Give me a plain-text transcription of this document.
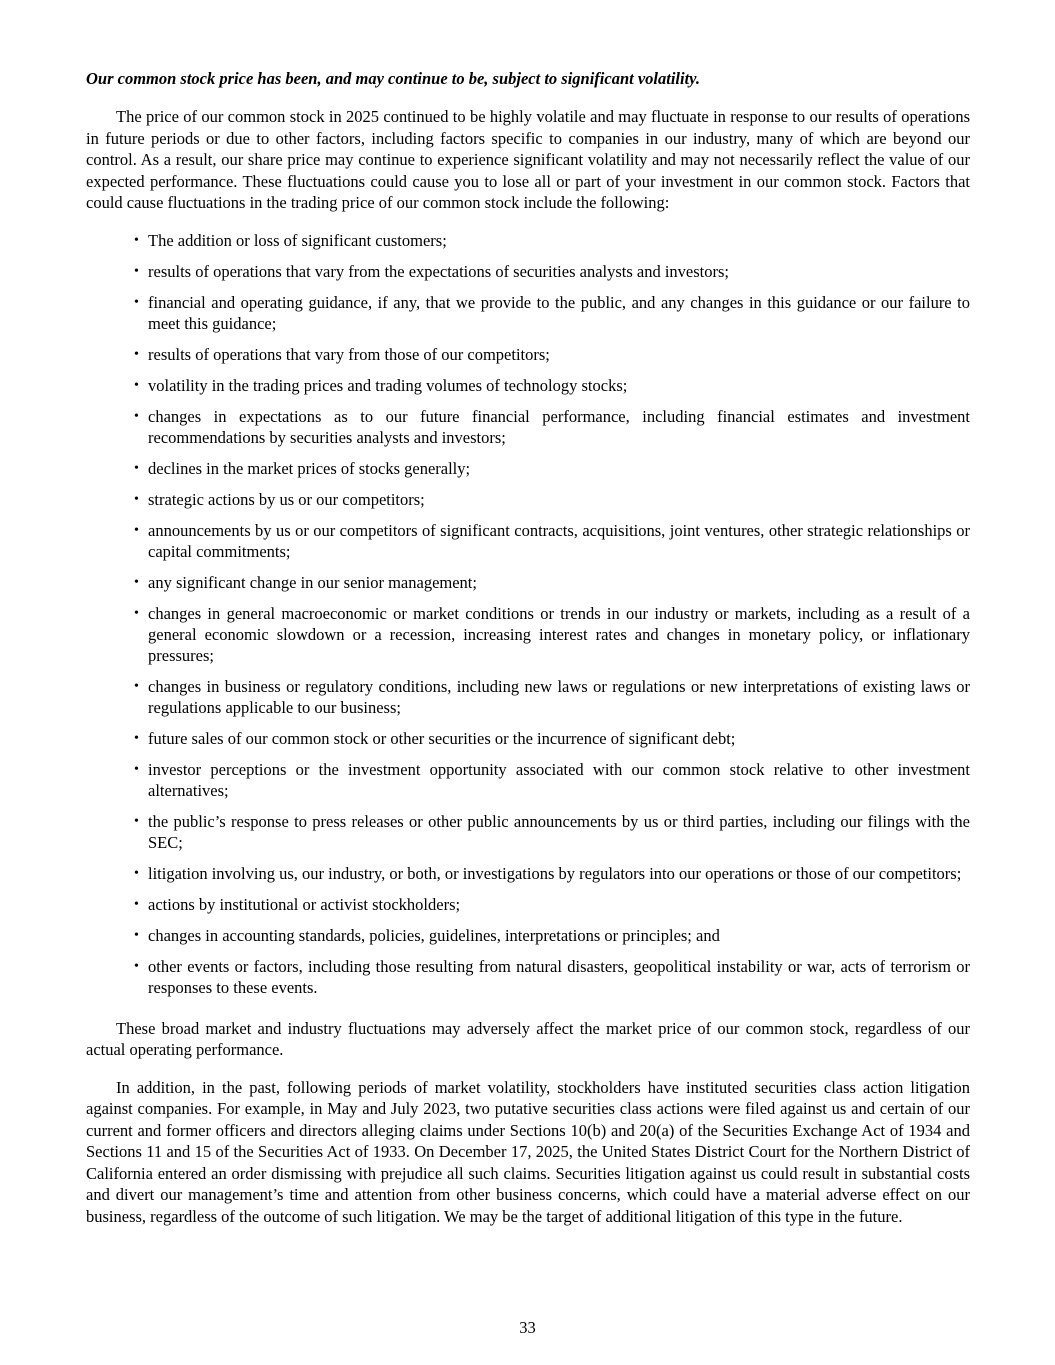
Our common stock price has been, and may continue to be, subject to significant volatility.

The price of our common stock in 2025 continued to be highly volatile and may fluctuate in response to our results of operations in future periods or due to other factors, including factors specific to companies in our industry, many of which are beyond our control. As a result, our share price may continue to experience significant volatility and may not necessarily reflect the value of our expected performance. These fluctuations could cause you to lose all or part of your investment in our common stock. Factors that could cause fluctuations in the trading price of our common stock include the following:

• The addition or loss of significant customers;
• results of operations that vary from the expectations of securities analysts and investors;
• financial and operating guidance, if any, that we provide to the public, and any changes in this guidance or our failure to meet this guidance;
• results of operations that vary from those of our competitors;
• volatility in the trading prices and trading volumes of technology stocks;
• changes in expectations as to our future financial performance, including financial estimates and investment recommendations by securities analysts and investors;
• declines in the market prices of stocks generally;
• strategic actions by us or our competitors;
• announcements by us or our competitors of significant contracts, acquisitions, joint ventures, other strategic relationships or capital commitments;
• any significant change in our senior management;
• changes in general macroeconomic or market conditions or trends in our industry or markets, including as a result of a general economic slowdown or a recession, increasing interest rates and changes in monetary policy, or inflationary pressures;
• changes in business or regulatory conditions, including new laws or regulations or new interpretations of existing laws or regulations applicable to our business;
• future sales of our common stock or other securities or the incurrence of significant debt;
• investor perceptions or the investment opportunity associated with our common stock relative to other investment alternatives;
• the public’s response to press releases or other public announcements by us or third parties, including our filings with the SEC;
• litigation involving us, our industry, or both, or investigations by regulators into our operations or those of our competitors;
• actions by institutional or activist stockholders;
• changes in accounting standards, policies, guidelines, interpretations or principles; and
• other events or factors, including those resulting from natural disasters, geopolitical instability or war, acts of terrorism or responses to these events.

These broad market and industry fluctuations may adversely affect the market price of our common stock, regardless of our actual operating performance.

In addition, in the past, following periods of market volatility, stockholders have instituted securities class action litigation against companies. For example, in May and July 2023, two putative securities class actions were filed against us and certain of our current and former officers and directors alleging claims under Sections 10(b) and 20(a) of the Securities Exchange Act of 1934 and Sections 11 and 15 of the Securities Act of 1933. On December 17, 2025, the United States District Court for the Northern District of California entered an order dismissing with prejudice all such claims. Securities litigation against us could result in substantial costs and divert our management’s time and attention from other business concerns, which could have a material adverse effect on our business, regardless of the outcome of such litigation. We may be the target of additional litigation of this type in the future.

33
